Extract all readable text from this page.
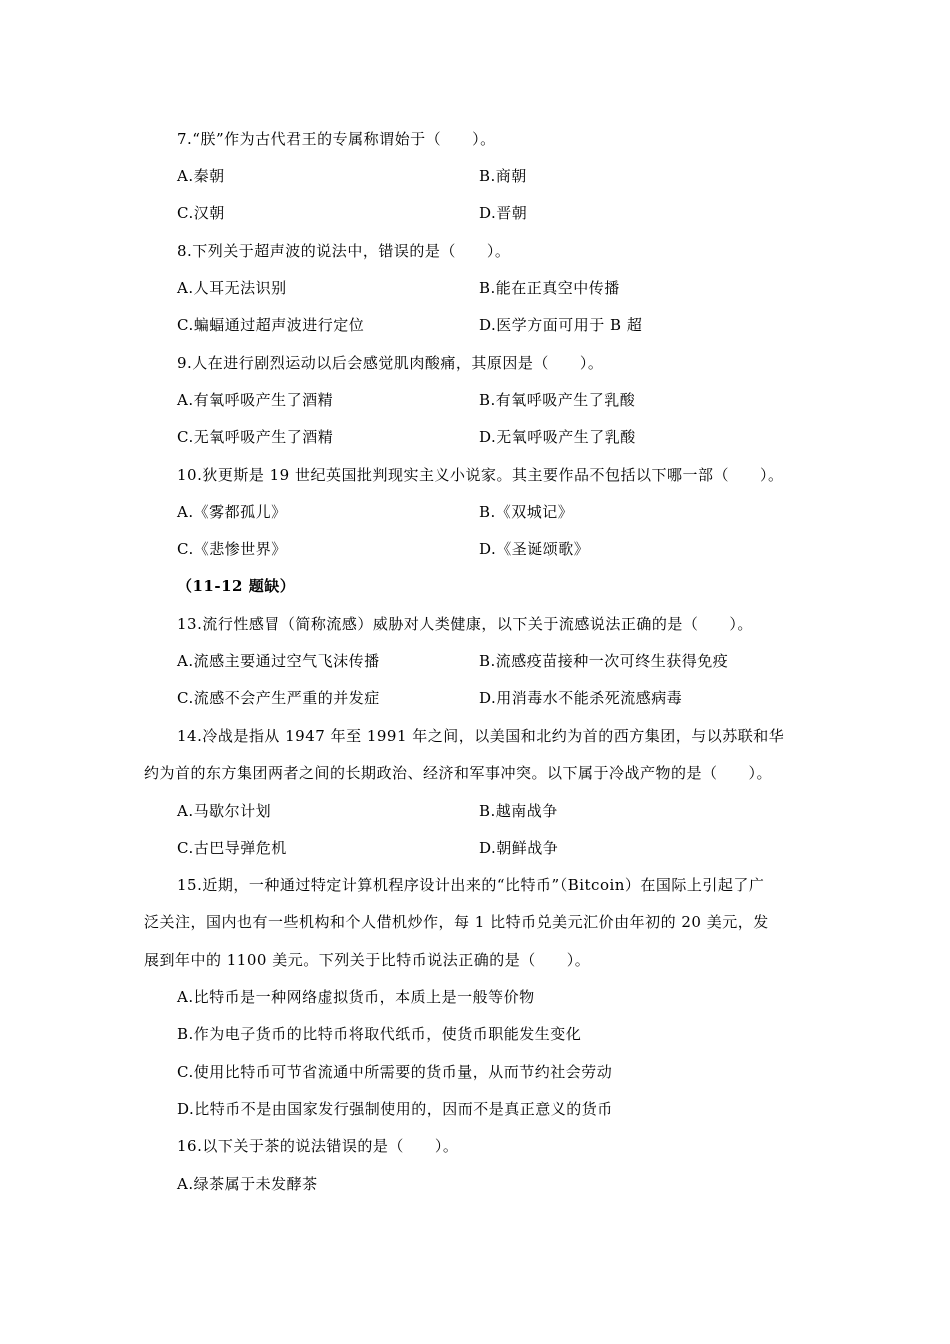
7.“朕”作为古代君王的专属称谓始于（　　）。
A.秦朝	B.商朝
C.汉朝	D.晋朝
8.下列关于超声波的说法中，错误的是（　　）。
A.人耳无法识别	B.能在正真空中传播
C.蝙蝠通过超声波进行定位	D.医学方面可用于 B 超
9.人在进行剧烈运动以后会感觉肌肉酸痛，其原因是（　　）。
A.有氧呼吸产生了酒精	B.有氧呼吸产生了乳酸
C.无氧呼吸产生了酒精	D.无氧呼吸产生了乳酸
10.狄更斯是 19 世纪英国批判现实主义小说家。其主要作品不包括以下哪一部（　　）。
A.《雾都孤儿》	B.《双城记》
C.《悲惨世界》	D.《圣诞颂歌》
（11-12 题缺）
13.流行性感冒（简称流感）威胁对人类健康，以下关于流感说法正确的是（　　）。
A.流感主要通过空气飞沫传播	B.流感疫苗接种一次可终生获得免疫
C.流感不会产生严重的并发症	D.用消毒水不能杀死流感病毒
14.冷战是指从 1947 年至 1991 年之间，以美国和北约为首的西方集团，与以苏联和华
约为首的东方集团两者之间的长期政治、经济和军事冲突。以下属于冷战产物的是（　　）。
A.马歇尔计划	B.越南战争
C.古巴导弹危机	D.朝鲜战争
15.近期，一种通过特定计算机程序设计出来的“比特币”（Bitcoin）在国际上引起了广
泛关注，国内也有一些机构和个人借机炒作，每 1 比特币兑美元汇价由年初的 20 美元，发
展到年中的 1100 美元。下列关于比特币说法正确的是（　　）。
A.比特币是一种网络虚拟货币，本质上是一般等价物
B.作为电子货币的比特币将取代纸币，使货币职能发生变化
C.使用比特币可节省流通中所需要的货币量，从而节约社会劳动
D.比特币不是由国家发行强制使用的，因而不是真正意义的货币
16.以下关于茶的说法错误的是（　　）。
A.绿茶属于未发酵茶
